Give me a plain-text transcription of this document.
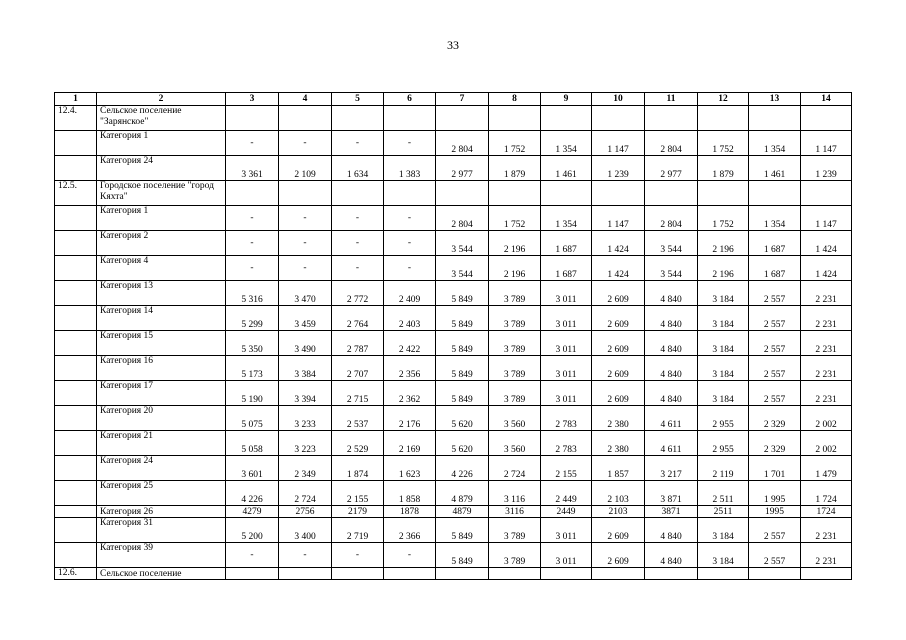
33
1	2	3	4	5	6	7	8	9	10	11	12	13	14
12.4.	Сельское поселение "Зарянское"												
	Категория 1	-	-	-	-	2 804	1 752	1 354	1 147	2 804	1 752	1 354	1 147
	Категория 24	3 361	2 109	1 634	1 383	2 977	1 879	1 461	1 239	2 977	1 879	1 461	1 239
12.5.	Городское поселение "город Кяхта"												
	Категория 1	-	-	-	-	2 804	1 752	1 354	1 147	2 804	1 752	1 354	1 147
	Категория 2	-	-	-	-	3 544	2 196	1 687	1 424	3 544	2 196	1 687	1 424
	Категория 4	-	-	-	-	3 544	2 196	1 687	1 424	3 544	2 196	1 687	1 424
	Категория 13	5 316	3 470	2 772	2 409	5 849	3 789	3 011	2 609	4 840	3 184	2 557	2 231
	Категория 14	5 299	3 459	2 764	2 403	5 849	3 789	3 011	2 609	4 840	3 184	2 557	2 231
	Категория 15	5 350	3 490	2 787	2 422	5 849	3 789	3 011	2 609	4 840	3 184	2 557	2 231
	Категория 16	5 173	3 384	2 707	2 356	5 849	3 789	3 011	2 609	4 840	3 184	2 557	2 231
	Категория 17	5 190	3 394	2 715	2 362	5 849	3 789	3 011	2 609	4 840	3 184	2 557	2 231
	Категория 20	5 075	3 233	2 537	2 176	5 620	3 560	2 783	2 380	4 611	2 955	2 329	2 002
	Категория 21	5 058	3 223	2 529	2 169	5 620	3 560	2 783	2 380	4 611	2 955	2 329	2 002
	Категория 24	3 601	2 349	1 874	1 623	4 226	2 724	2 155	1 857	3 217	2 119	1 701	1 479
	Категория 25	4 226	2 724	2 155	1 858	4 879	3 116	2 449	2 103	3 871	2 511	1 995	1 724
	Категория 26	4279	2756	2179	1878	4879	3116	2449	2103	3871	2511	1995	1724
	Категория 31	5 200	3 400	2 719	2 366	5 849	3 789	3 011	2 609	4 840	3 184	2 557	2 231
	Категория 39	-	-	-	-	5 849	3 789	3 011	2 609	4 840	3 184	2 557	2 231
12.6.	Сельское поселение												
